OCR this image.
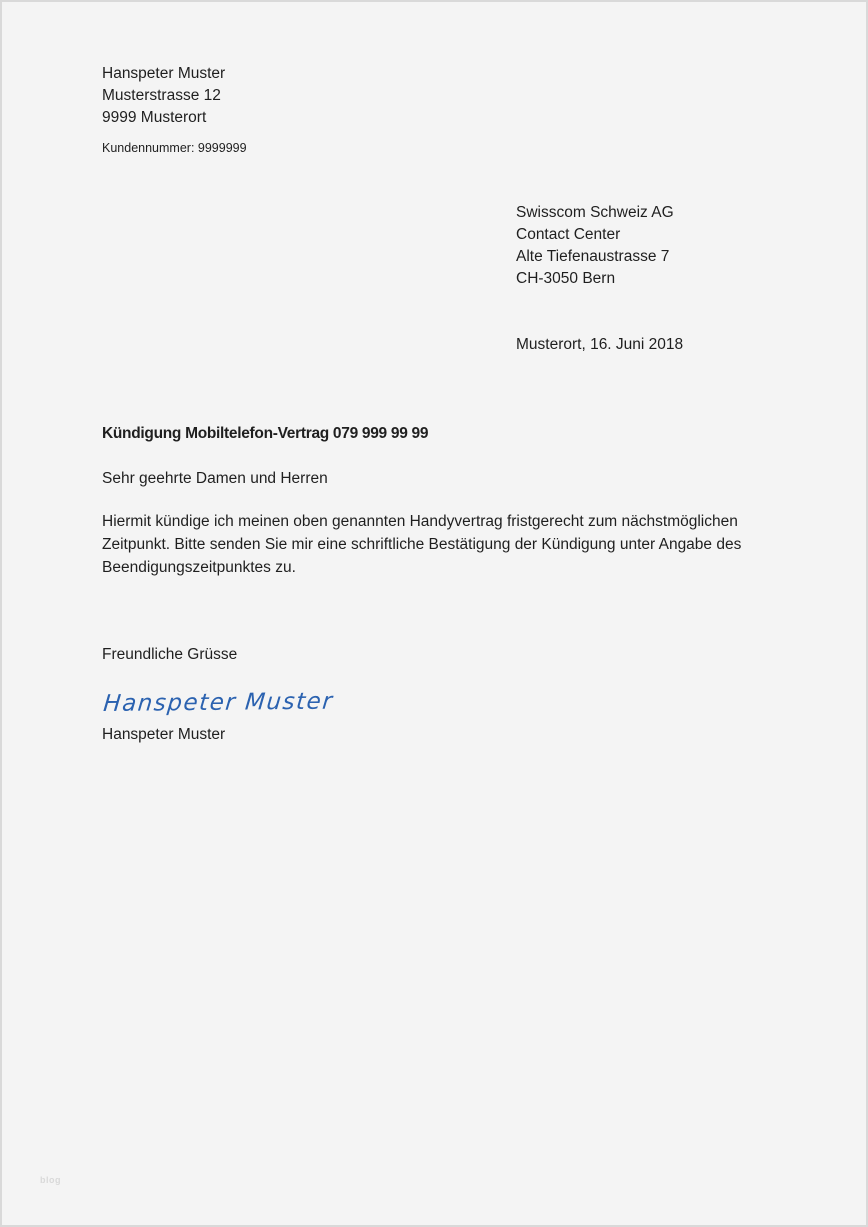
Hanspeter Muster
Musterstrasse 12
9999 Musterort
Kundennummer: 9999999
Swisscom Schweiz AG
Contact Center
Alte Tiefenaustrasse 7
CH-3050 Bern
Musterort, 16. Juni 2018
Kündigung Mobiltelefon-Vertrag 079 999 99 99
Sehr geehrte Damen und Herren
Hiermit kündige ich meinen oben genannten Handyvertrag fristgerecht zum nächstmöglichen Zeitpunkt. Bitte senden Sie mir eine schriftliche Bestätigung der Kündigung unter Angabe des Beendigungszeitpunktes zu.
Freundliche Grüsse
Hanspeter Muster
Hanspeter Muster
blog
